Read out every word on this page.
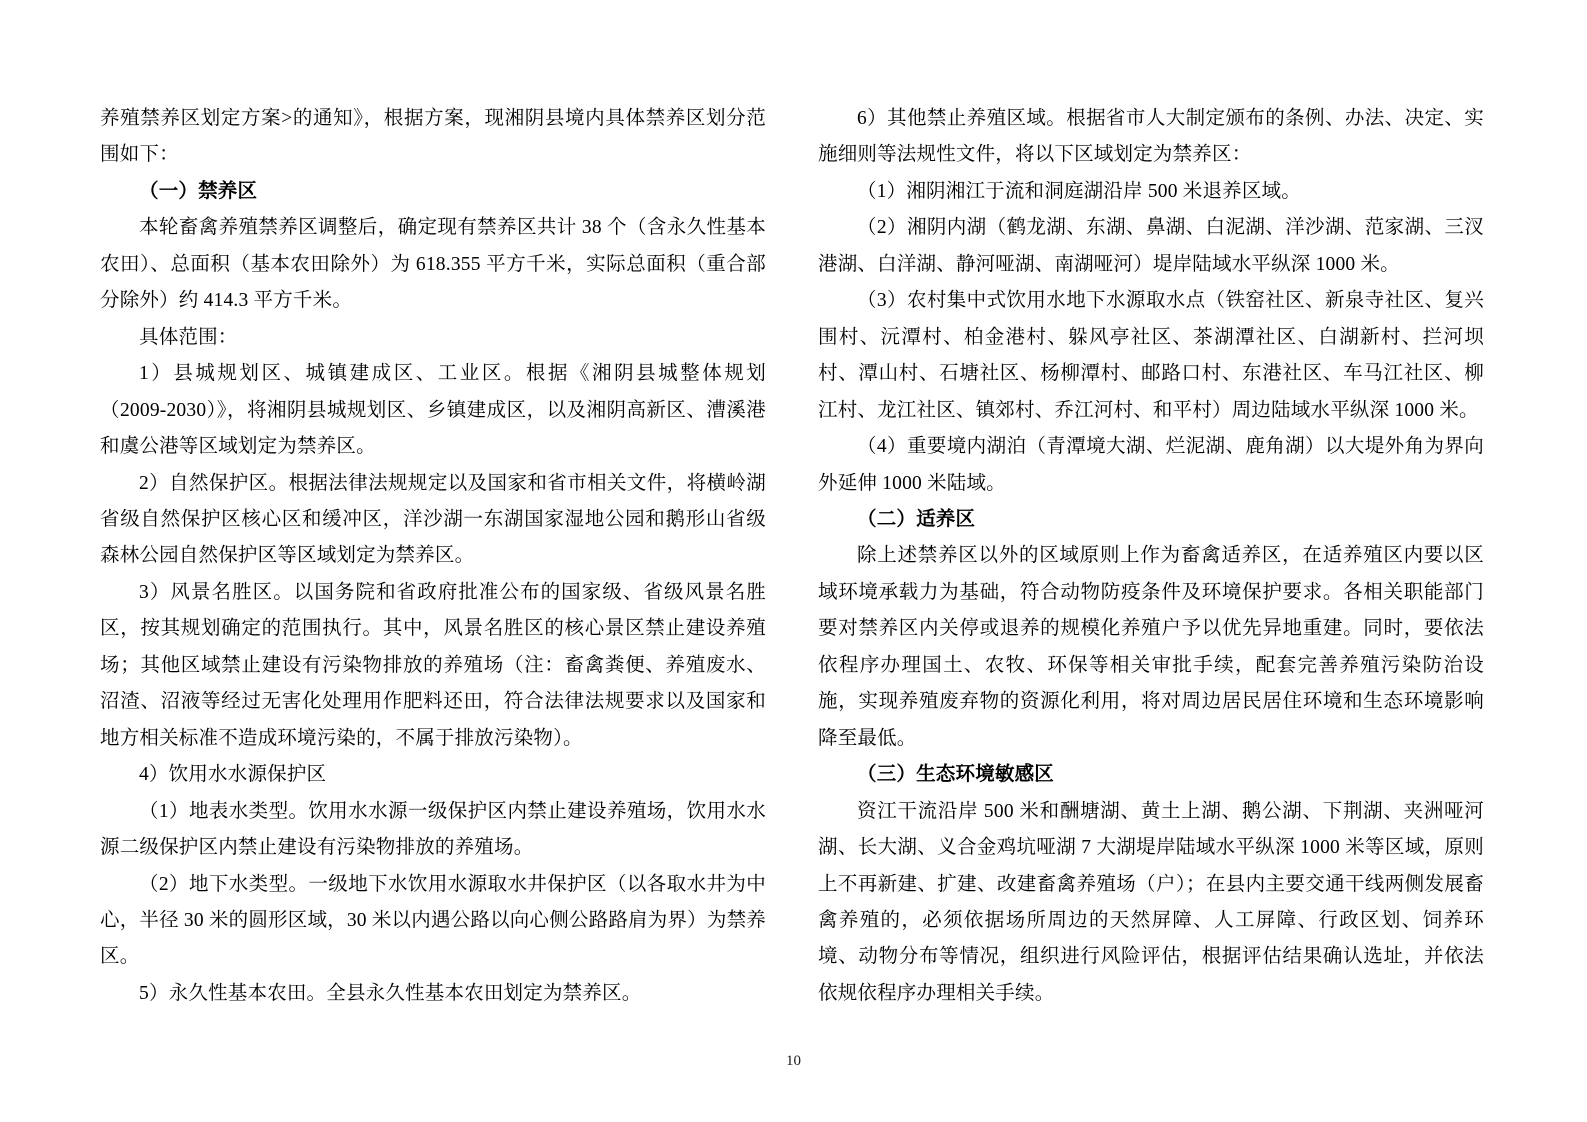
养殖禁养区划定方案>的通知》，根据方案，现湘阴县境内具体禁养区划分范围如下：

（一）禁养区

本轮畜禽养殖禁养区调整后，确定现有禁养区共计 38 个（含永久性基本农田）、总面积（基本农田除外）为 618.355 平方千米，实际总面积（重合部分除外）约 414.3 平方千米。

具体范围：

1）县城规划区、城镇建成区、工业区。根据《湘阴县城整体规划（2009-2030）》，将湘阴县城规划区、乡镇建成区，以及湘阴高新区、漕溪港和虞公港等区域划定为禁养区。

2）自然保护区。根据法律法规规定以及国家和省市相关文件，将横岭湖省级自然保护区核心区和缓冲区，洋沙湖一东湖国家湿地公园和鹅形山省级森林公园自然保护区等区域划定为禁养区。

3）风景名胜区。以国务院和省政府批准公布的国家级、省级风景名胜区，按其规划确定的范围执行。其中，风景名胜区的核心景区禁止建设养殖场；其他区域禁止建设有污染物排放的养殖场（注：畜禽粪便、养殖废水、沼渣、沼液等经过无害化处理用作肥料还田，符合法律法规要求以及国家和地方相关标准不造成环境污染的，不属于排放污染物）。

4）饮用水水源保护区

（1）地表水类型。饮用水水源一级保护区内禁止建设养殖场，饮用水水源二级保护区内禁止建设有污染物排放的养殖场。

（2）地下水类型。一级地下水饮用水源取水井保护区（以各取水井为中心，半径 30 米的圆形区域，30 米以内遇公路以向心侧公路路肩为界）为禁养区。

5）永久性基本农田。全县永久性基本农田划定为禁养区。

6）其他禁止养殖区域。根据省市人大制定颁布的条例、办法、决定、实施细则等法规性文件，将以下区域划定为禁养区：

（1）湘阴湘江于流和洞庭湖沿岸 500 米退养区域。

（2）湘阴内湖（鹤龙湖、东湖、鼻湖、白泥湖、洋沙湖、范家湖、三汊港湖、白洋湖、静河哑湖、南湖哑河）堤岸陆域水平纵深 1000 米。

（3）农村集中式饮用水地下水源取水点（铁窑社区、新泉寺社区、复兴围村、沅潭村、柏金港村、躲风亭社区、茶湖潭社区、白湖新村、拦河坝村、潭山村、石塘社区、杨柳潭村、邮路口村、东港社区、车马江社区、柳江村、龙江社区、镇郊村、乔江河村、和平村）周边陆域水平纵深 1000 米。

（4）重要境内湖泊（青潭境大湖、烂泥湖、鹿角湖）以大堤外角为界向外延伸 1000 米陆域。

（二）适养区

除上述禁养区以外的区域原则上作为畜禽适养区，在适养殖区内要以区域环境承载力为基础，符合动物防疫条件及环境保护要求。各相关职能部门要对禁养区内关停或退养的规模化养殖户予以优先异地重建。同时，要依法依程序办理国土、农牧、环保等相关审批手续，配套完善养殖污染防治设施，实现养殖废弃物的资源化利用，将对周边居民居住环境和生态环境影响降至最低。

（三）生态环境敏感区

资江干流沿岸 500 米和酬塘湖、黄土上湖、鹅公湖、下荆湖、夹洲哑河湖、长大湖、义合金鸡坑哑湖 7 大湖堤岸陆域水平纵深 1000 米等区域，原则上不再新建、扩建、改建畜禽养殖场（户）；在县内主要交通干线两侧发展畜禽养殖的，必须依据场所周边的天然屏障、人工屏障、行政区划、饲养环境、动物分布等情况，组织进行风险评估，根据评估结果确认选址，并依法依规依程序办理相关手续。

10
